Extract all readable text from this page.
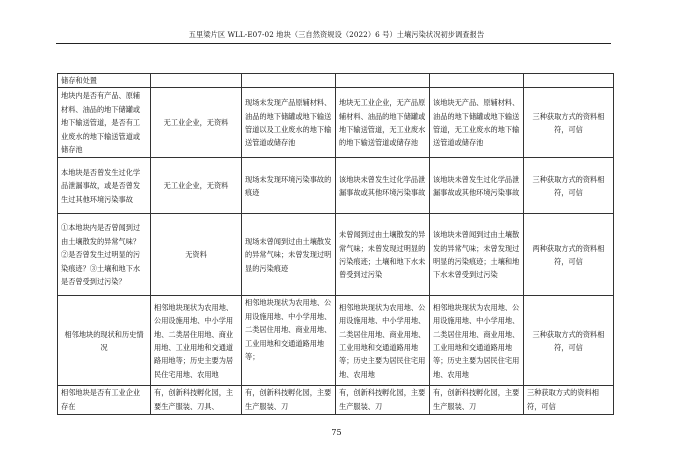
五里梁片区 WLL-E07-02 地块（三自然资规设（2022）6 号）土壤污染状况初步调查报告
储存和处置					
地块内是否有产品、原辅材料、油品的地下储罐或地下输送管道，是否有工业废水的地下输送管道或储存池	无工业企业，无资料	现场未发现产品原辅材料、油品的地下储罐或地下输送管道以及工业废水的地下输送管道或储存池	地块无工业企业，无产品原辅材料、油品的地下储罐或地下输送管道，无工业废水的地下输送管道或储存池	该地块无产品、原辅材料、油品的地下储罐或地下输送管道，无工业废水的地下输送管道或储存池	三种获取方式的资料相符，可信
本地块是否曾发生过化学品泄漏事故，或是否曾发生过其他环境污染事故	无工业企业，无资料	现场未发现环境污染事故的痕迹	该地块未曾发生过化学品泄漏事故或其他环境污染事故	该地块未曾发生过化学品泄漏事故或其他环境污染事故	三种获取方式的资料相符，可信
①本地块内是否曾闻到过由土壤散发的异常气味？②是否曾发生过明显的污染痕迹？③土壤和地下水是否曾受到过污染？	无资料	现场未曾闻到过由土壤散发的异常气味；未曾发现过明显的污染痕迹	未曾闻到过由土壤散发的异常气味；未曾发现过明显的污染痕迹；土壤和地下水未曾受到过污染	该地块未曾闻到过由土壤散发的异常气味；未曾发现过明显的污染痕迹；土壤和地下水未曾受到过污染	两种获取方式的资料相符，可信
相邻地块的现状和历史情况	相邻地块现状为农用地、公用设施用地、中小学用地、二类居住用地、商业用地、工业用地和交通道路用地等；历史主要为居民住宅用地、农用地	相邻地块现状为农用地、公用设施用地、中小学用地、二类居住用地、商业用地、工业用地和交通道路用地等；	相邻地块现状为农用地、公用设施用地、中小学用地、二类居住用地、商业用地、工业用地和交通道路用地等；历史主要为居民住宅用地、农用地	相邻地块现状为农用地、公用设施用地、中小学用地、二类居住用地、商业用地、工业用地和交通道路用地等；历史主要为居民住宅用地、农用地	三种获取方式的资料相符，可信
相邻地块是否有工业企业存在	有，创新科技孵化园，主要生产服装、刀具、	有，创新科技孵化园，主要生产服装、刀	有，创新科技孵化园，主要生产服装、刀	有，创新科技孵化园，主要生产服装、刀	三种获取方式的资料相符，可信
75
